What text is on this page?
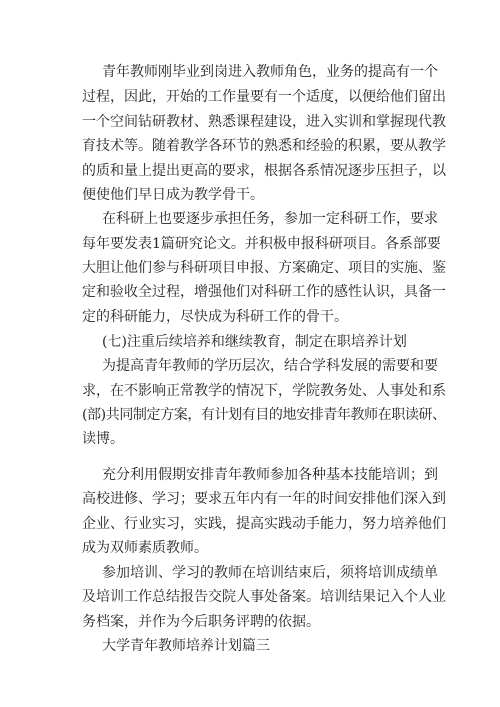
青年教师刚毕业到岗进入教师角色，业务的提高有一个
过程，因此，开始的工作量要有一个适度，以便给他们留出
一个空间钻研教材、熟悉课程建设，进入实训和掌握现代教
育技术等。随着教学各环节的熟悉和经验的积累，要从教学
的质和量上提出更高的要求，根据各系情况逐步压担子，以
便使他们早日成为教学骨干。
在科研上也要逐步承担任务，参加一定科研工作，要求
每年要发表1篇研究论文。并积极申报科研项目。各系部要
大胆让他们参与科研项目申报、方案确定、项目的实施、鉴
定和验收全过程，增强他们对科研工作的感性认识，具备一
定的科研能力，尽快成为科研工作的骨干。
(七)注重后续培养和继续教育，制定在职培养计划
为提高青年教师的学历层次，结合学科发展的需要和要
求，在不影响正常教学的情况下，学院教务处、人事处和系
(部)共同制定方案，有计划有目的地安排青年教师在职读研、
读博。
充分利用假期安排青年教师参加各种基本技能培训；到
高校进修、学习；要求五年内有一年的时间安排他们深入到
企业、行业实习，实践，提高实践动手能力，努力培养他们
成为双师素质教师。
参加培训、学习的教师在培训结束后，须将培训成绩单
及培训工作总结报告交院人事处备案。培训结果记入个人业
务档案，并作为今后职务评聘的依据。
大学青年教师培养计划篇三
